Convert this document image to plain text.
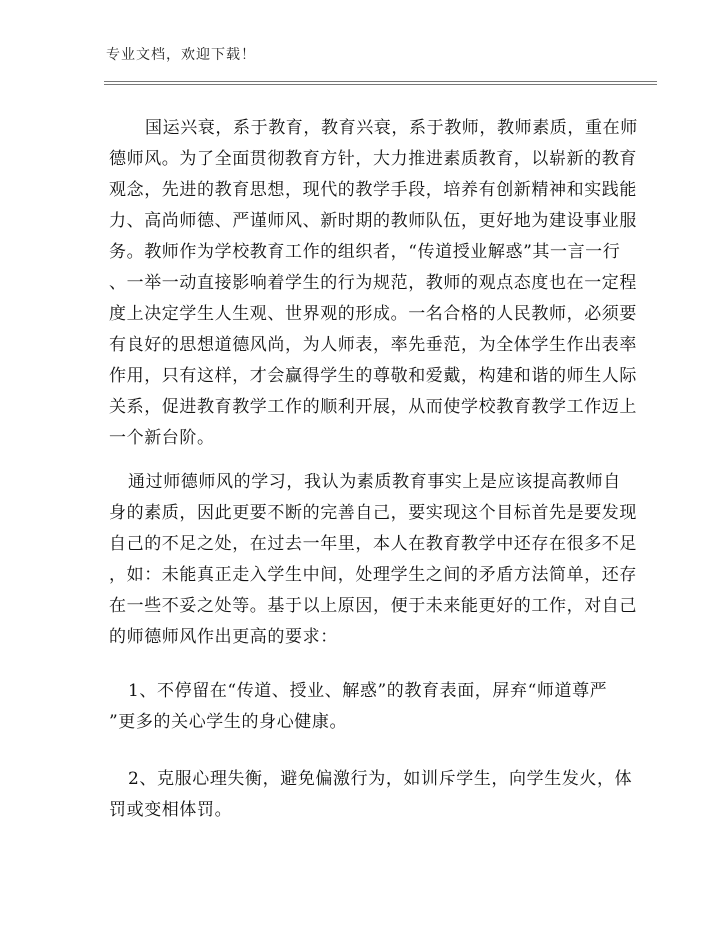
专业文档，欢迎下载！
国运兴衰，系于教育，教育兴衰，系于教师，教师素质，重在师
德师风。为了全面贯彻教育方针，大力推进素质教育，以崭新的教育
观念，先进的教育思想，现代的教学手段，培养有创新精神和实践能
力、高尚师德、严谨师风、新时期的教师队伍，更好地为建设事业服
务。教师作为学校教育工作的组织者，“传道授业解惑”其一言一行
、一举一动直接影响着学生的行为规范，教师的观点态度也在一定程
度上决定学生人生观、世界观的形成。一名合格的人民教师，必须要
有良好的思想道德风尚，为人师表，率先垂范，为全体学生作出表率
作用，只有这样，才会赢得学生的尊敬和爱戴，构建和谐的师生人际
关系，促进教育教学工作的顺利开展，从而使学校教育教学工作迈上
一个新台阶。
通过师德师风的学习，我认为素质教育事实上是应该提高教师自
身的素质，因此更要不断的完善自己，要实现这个目标首先是要发现
自己的不足之处，在过去一年里，本人在教育教学中还存在很多不足
，如：未能真正走入学生中间，处理学生之间的矛盾方法简单，还存
在一些不妥之处等。基于以上原因，便于未来能更好的工作，对自己
的师德师风作出更高的要求：
1、不停留在“传道、授业、解惑”的教育表面，屏弃“师道尊严
”更多的关心学生的身心健康。
2、克服心理失衡，避免偏激行为，如训斥学生，向学生发火，体
罚或变相体罚。
